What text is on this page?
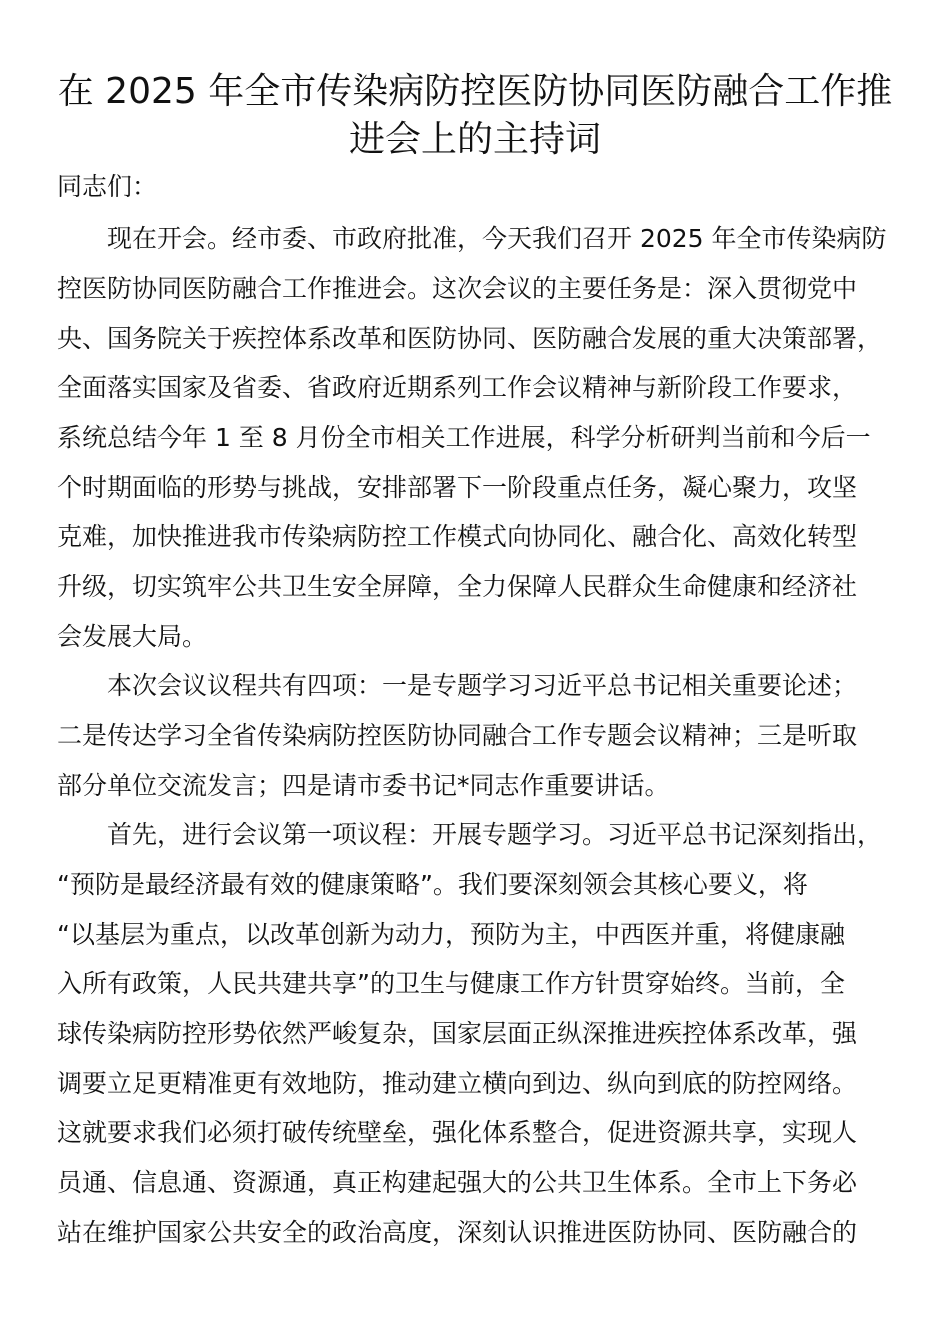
在 2025 年全市传染病防控医防协同医防融合工作推
进会上的主持词

同志们：

　　现在开会。经市委、市政府批准，今天我们召开 2025 年全市传染病防

控医防协同医防融合工作推进会。这次会议的主要任务是：深入贯彻党中

央、国务院关于疾控体系改革和医防协同、医防融合发展的重大决策部署，

全面落实国家及省委、省政府近期系列工作会议精神与新阶段工作要求，

系统总结今年 1 至 8 月份全市相关工作进展，科学分析研判当前和今后一

个时期面临的形势与挑战，安排部署下一阶段重点任务，凝心聚力，攻坚

克难，加快推进我市传染病防控工作模式向协同化、融合化、高效化转型

升级，切实筑牢公共卫生安全屏障，全力保障人民群众生命健康和经济社

会发展大局。

　　本次会议议程共有四项：一是专题学习习近平总书记相关重要论述；

二是传达学习全省传染病防控医防协同融合工作专题会议精神；三是听取

部分单位交流发言；四是请市委书记*同志作重要讲话。

　　首先，进行会议第一项议程：开展专题学习。习近平总书记深刻指出，

“预防是最经济最有效的健康策略”。我们要深刻领会其核心要义，将

“以基层为重点，以改革创新为动力，预防为主，中西医并重，将健康融

入所有政策，人民共建共享”的卫生与健康工作方针贯穿始终。当前，全

球传染病防控形势依然严峻复杂，国家层面正纵深推进疾控体系改革，强

调要立足更精准更有效地防，推动建立横向到边、纵向到底的防控网络。

这就要求我们必须打破传统壁垒，强化体系整合，促进资源共享，实现人

员通、信息通、资源通，真正构建起强大的公共卫生体系。全市上下务必

站在维护国家公共安全的政治高度，深刻认识推进医防协同、医防融合的
